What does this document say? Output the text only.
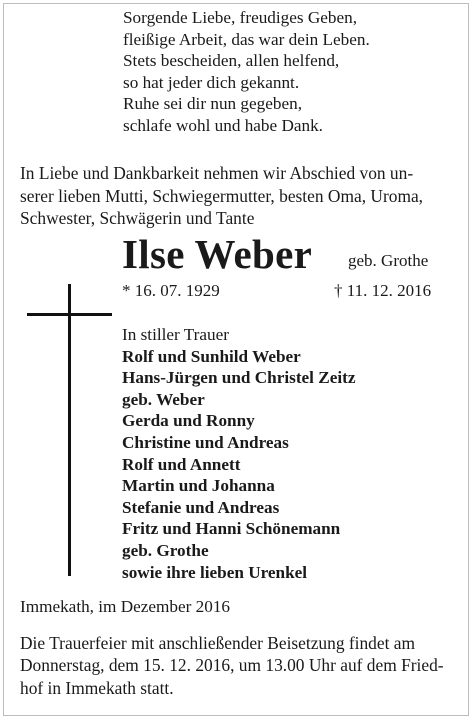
Sorgende Liebe, freudiges Geben,
fleißige Arbeit, das war dein Leben.
Stets bescheiden, allen helfend,
so hat jeder dich gekannt.
Ruhe sei dir nun gegeben,
schlafe wohl und habe Dank.
In Liebe und Dankbarkeit nehmen wir Abschied von un-
serer lieben Mutti, Schwiegermutter, besten Oma, Uroma,
Schwester, Schwägerin und Tante
Ilse Weber geb. Grothe
* 16. 07. 1929	† 11. 12. 2016
In stiller Trauer
Rolf und Sunhild Weber
Hans-Jürgen und Christel Zeitz
geb. Weber
Gerda und Ronny
Christine und Andreas
Rolf und Annett
Martin und Johanna
Stefanie und Andreas
Fritz und Hanni Schönemann
geb. Grothe
sowie ihre lieben Urenkel
Immekath, im Dezember 2016
Die Trauerfeier mit anschließender Beisetzung findet am
Donnerstag, dem 15. 12. 2016, um 13.00 Uhr auf dem Fried-
hof in Immekath statt.
